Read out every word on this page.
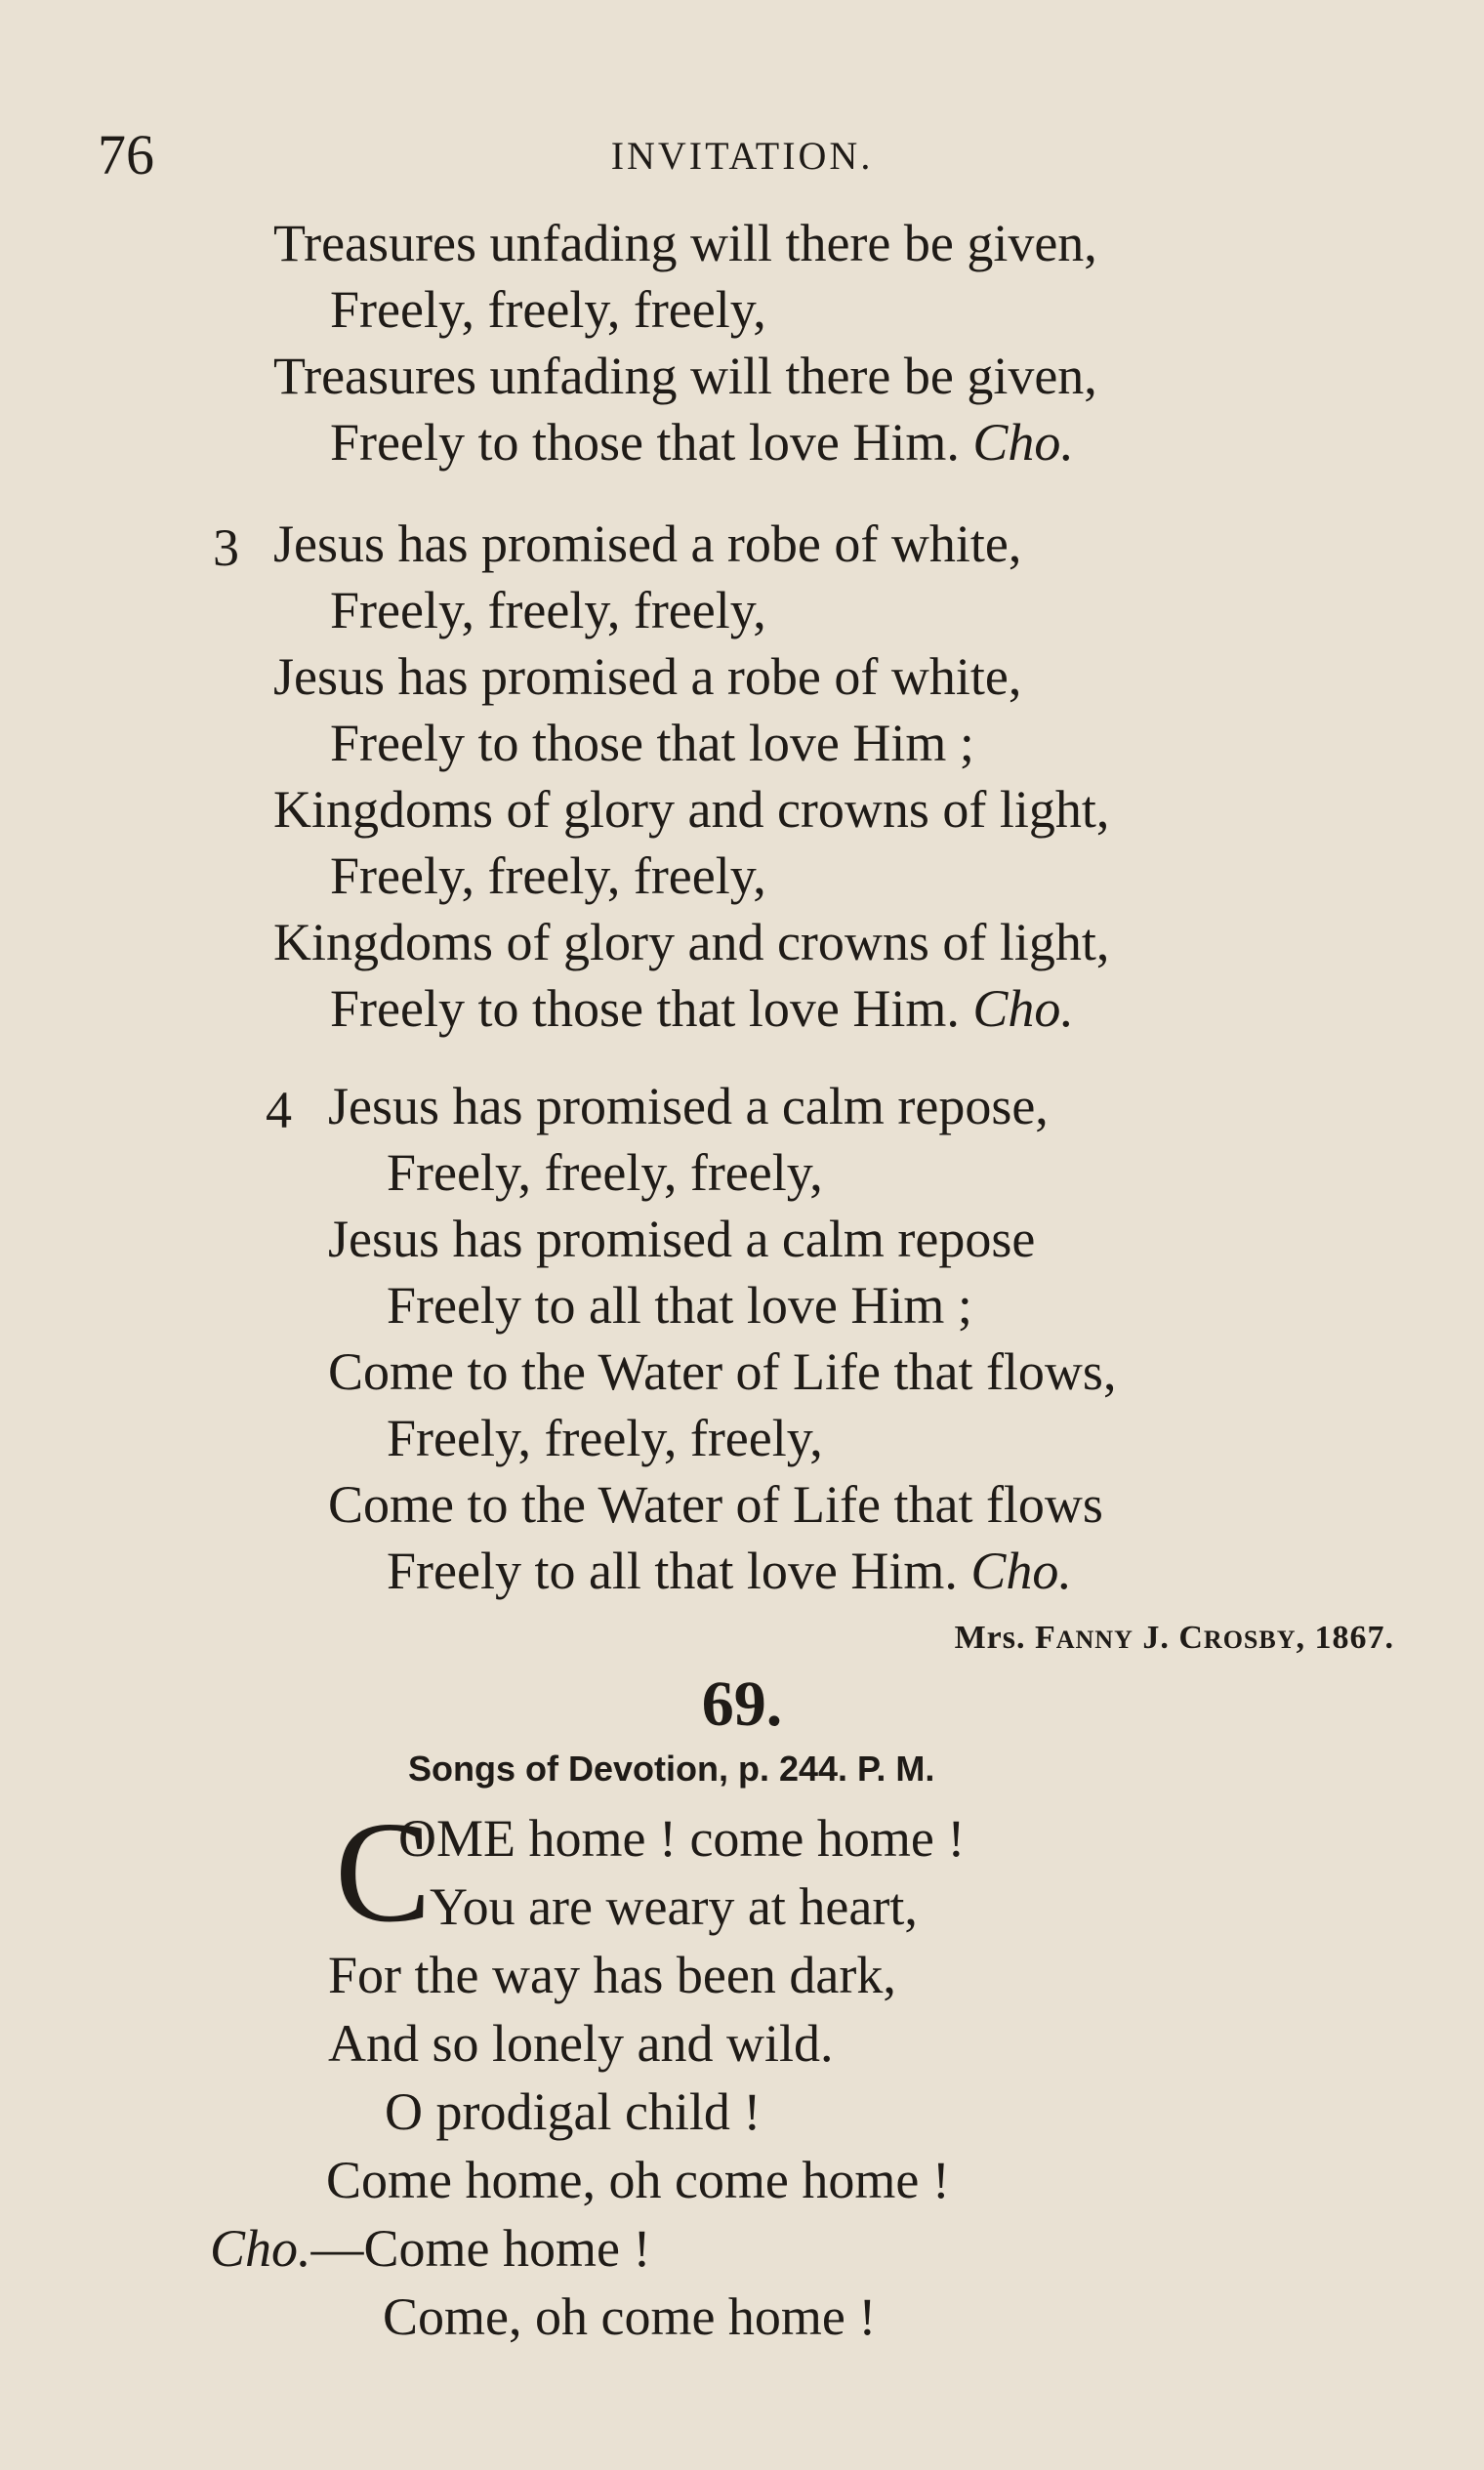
76	INVITATION.
Treasures unfading will there be given,
Freely, freely, freely,
Treasures unfading will there be given,
Freely to those that love Him. Cho.
3 Jesus has promised a robe of white,
Freely, freely, freely,
Jesus has promised a robe of white,
Freely to those that love Him ;
Kingdoms of glory and crowns of light,
Freely, freely, freely,
Kingdoms of glory and crowns of light,
Freely to those that love Him. Cho.
4 Jesus has promised a calm repose,
Freely, freely, freely,
Jesus has promised a calm repose
Freely to all that love Him ;
Come to the Water of Life that flows,
Freely, freely, freely,
Come to the Water of Life that flows
Freely to all that love Him. Cho.
Mrs. FANNY J. CROSBY, 1867.
69.
Songs of Devotion, p. 244. P. M.
C
OME home ! come home !
You are weary at heart,
For the way has been dark,
And so lonely and wild.
O prodigal child !
Come home, oh come home !
Cho.—Come home !
Come, oh come home !
